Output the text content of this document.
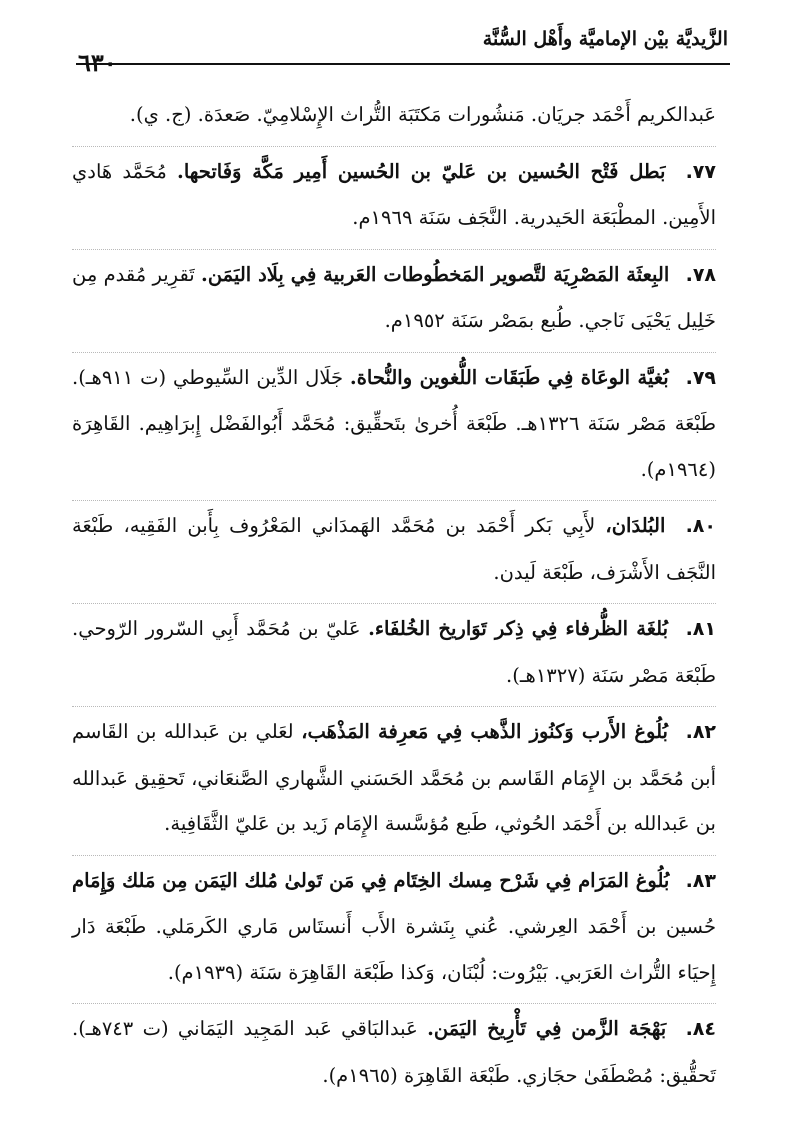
الزَّيديَّة بيْن الإماميَّة وأَهْل السُّنَّة
٦٣٠

عَبدالكريم أَحْمَد جريَان. مَنشُورات مَكتَبَة التُّراث الإِسْلامِيّ. صَعدَة. (ج. ي).

٧٧. بَطل فَتْح الحُسين بن عَليّ بن الحُسين أَمِير مَكَّة وَفَاتحها. مُحَمَّد هَادي الأَمِين. المطْبَعَة الحَيدرية. النَّجَف سَنَة ١٩٦٩م.

٧٨. البِعثَة المَصْرِيَة لتَّصوير المَخطُوطات العَربية فِي بِلَاد اليَمَن. تَقرِير مُقدم مِن خَلِيل يَحْيَى نَاجي. طُبع بمَصْر سَنَة ١٩٥٢م.

٧٩. بُغيَّة الوعَاة فِي طَبَقَات اللُّغوين والنُّحاة. جَلَال الدِّين السِّيوطي (ت ٩١١هـ). طَبْعَة مَصْر سَنَة ١٣٢٦هـ. طَبْعَة أُخرىٰ بتَحقِّيق: مُحَمَّد أَبُوالفَضْل إِبرَاهِيم. القَاهِرَة (١٩٦٤م).

٨٠. البُلدَان، لأَبِي بَكر أَحْمَد بن مُحَمَّد الهَمدَاني المَعْرُوف بِأَبن الفَقِيه، طَبْعَة النَّجَف الأَشْرَف، طَبْعَة لَيدن.

٨١. بُلغَة الظُّرفاء فِي ذِكر تَوَاريخ الخُلفَاء. عَليّ بن مُحَمَّد أَبِي السّرور الرّوحي. طَبْعَة مَصْر سَنَة (١٣٢٧هـ).

٨٢. بُلُوغ الأَرب وَكنُوز الذَّهب فِي مَعرِفة المَذْهَب، لعَلي بن عَبدالله بن القَاسم أبن مُحَمَّد بن الإِمَام القَاسم بن مُحَمَّد الحَسَني الشَّهاري الصَّنعَاني، تَحقِيق عَبدالله بن عَبدالله بن أَحْمَد الحُوثي، طَبع مُؤسَّسة الإِمَام زَيد بن عَليّ الثَّقَافِية.

٨٣. بُلُوغ المَرَام فِي شَرْح مِسك الخِتَام فِي مَن تَولىٰ مُلك اليَمَن مِن مَلك وَإِمَام حُسين بن أَحْمَد العِرشي. عُني بِنَشرة الأَب أَنستَاس مَاري الكَرمَلي. طَبْعَة دَار إِحيَاء التُّراث العَرَبي. بَيْرُوت: لُبْنَان، وَكذا طَبْعَة القَاهِرَة سَنَة (١٩٣٩م).

٨٤. بَهْجَة الزَّمن فِي تَأْرِيخ اليَمَن. عَبدالبَاقي عَبد المَجِيد اليَمَاني (ت ٧٤٣هـ). تَحقُّيق: مُصْطَفَىٰ حجَازي. طَبْعَة القَاهِرَة (١٩٦٥م).
